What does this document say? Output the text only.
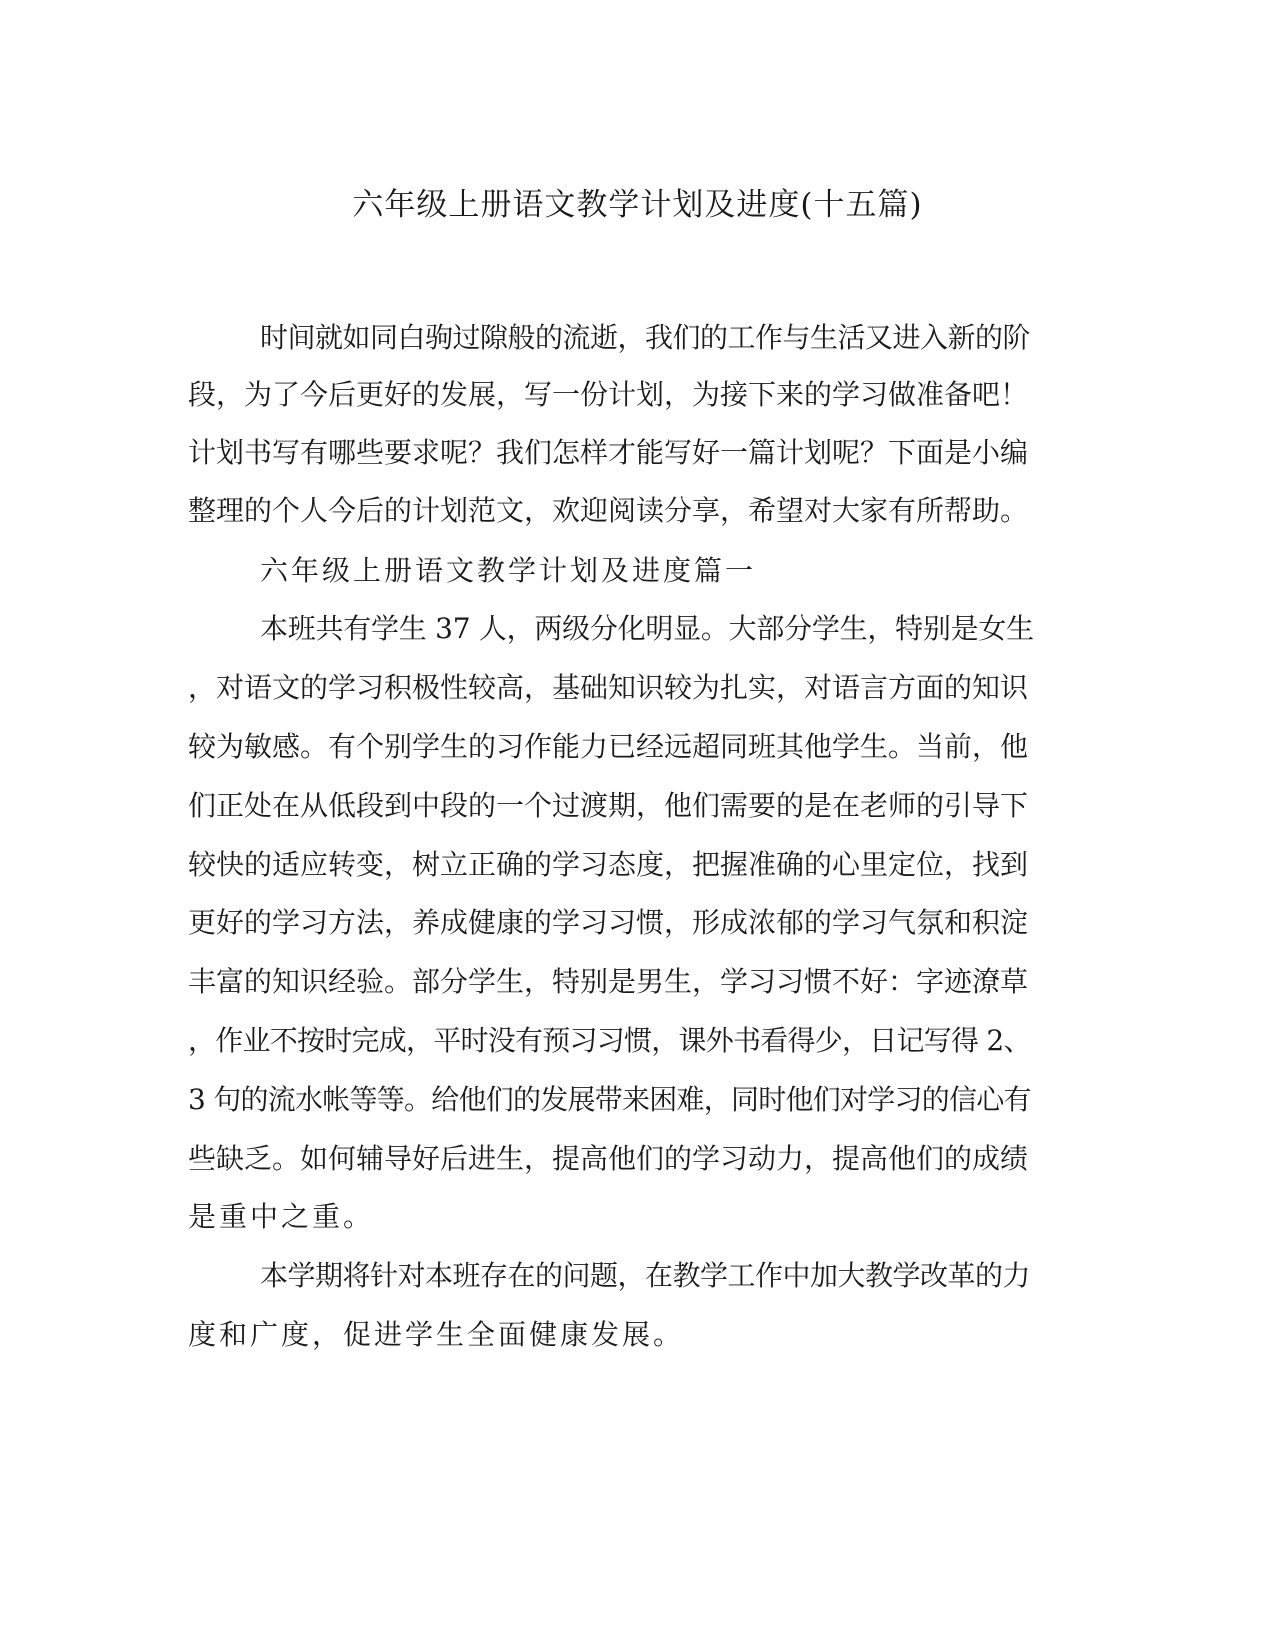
六年级上册语文教学计划及进度(十五篇)
时间就如同白驹过隙般的流逝，我们的工作与生活又进入新的阶
段，为了今后更好的发展，写一份计划，为接下来的学习做准备吧！
计划书写有哪些要求呢？我们怎样才能写好一篇计划呢？下面是小编
整理的个人今后的计划范文，欢迎阅读分享，希望对大家有所帮助。
六年级上册语文教学计划及进度篇一
本班共有学生 37 人，两级分化明显。大部分学生，特别是女生
，对语文的学习积极性较高，基础知识较为扎实，对语言方面的知识
较为敏感。有个别学生的习作能力已经远超同班其他学生。当前，他
们正处在从低段到中段的一个过渡期，他们需要的是在老师的引导下
较快的适应转变，树立正确的学习态度，把握准确的心里定位，找到
更好的学习方法，养成健康的学习习惯，形成浓郁的学习气氛和积淀
丰富的知识经验。部分学生，特别是男生，学习习惯不好：字迹潦草
，作业不按时完成，平时没有预习习惯，课外书看得少，日记写得 2、
3 句的流水帐等等。给他们的发展带来困难，同时他们对学习的信心有
些缺乏。如何辅导好后进生，提高他们的学习动力，提高他们的成绩
是重中之重。
本学期将针对本班存在的问题，在教学工作中加大教学改革的力
度和广度，促进学生全面健康发展。
